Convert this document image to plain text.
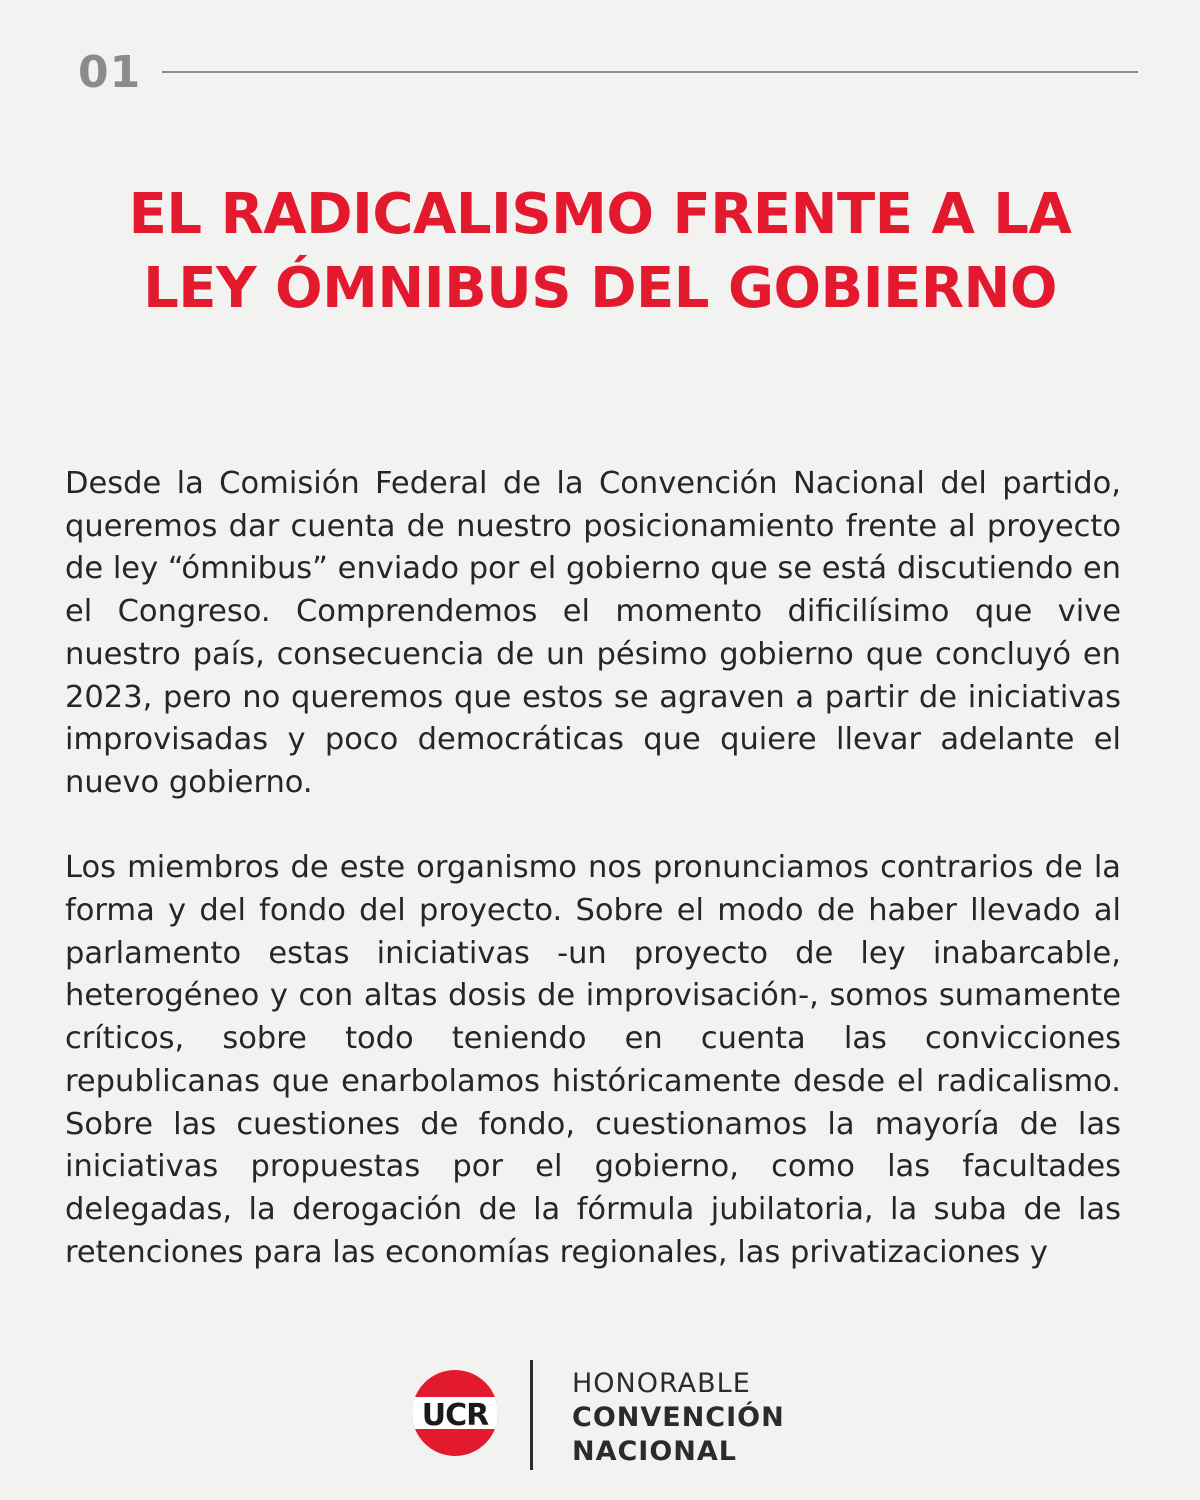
01
EL RADICALISMO FRENTE A LA
LEY ÓMNIBUS DEL GOBIERNO

Desde la Comisión Federal de la Convención Nacional del partido, queremos dar cuenta de nuestro posicionamiento frente al proyecto de ley “ómnibus” enviado por el gobierno que se está discutiendo en el Congreso. Comprendemos el momento dificilísimo que vive nuestro país, consecuencia de un pésimo gobierno que concluyó en 2023, pero no queremos que estos se agraven a partir de iniciativas improvisadas y poco democráticas que quiere llevar adelante el nuevo gobierno.

Los miembros de este organismo nos pronunciamos contrarios de la forma y del fondo del proyecto. Sobre el modo de haber llevado al parlamento estas iniciativas -un proyecto de ley inabarcable, heterogéneo y con altas dosis de improvisación-, somos sumamente críticos, sobre todo teniendo en cuenta las convicciones republicanas que enarbolamos históricamente desde el radicalismo. Sobre las cuestiones de fondo, cuestionamos la mayoría de las iniciativas propuestas por el gobierno, como las facultades delegadas, la derogación de la fórmula jubilatoria, la suba de las retenciones para las economías regionales, las privatizaciones y

UCR
HONORABLE
CONVENCIÓN
NACIONAL
